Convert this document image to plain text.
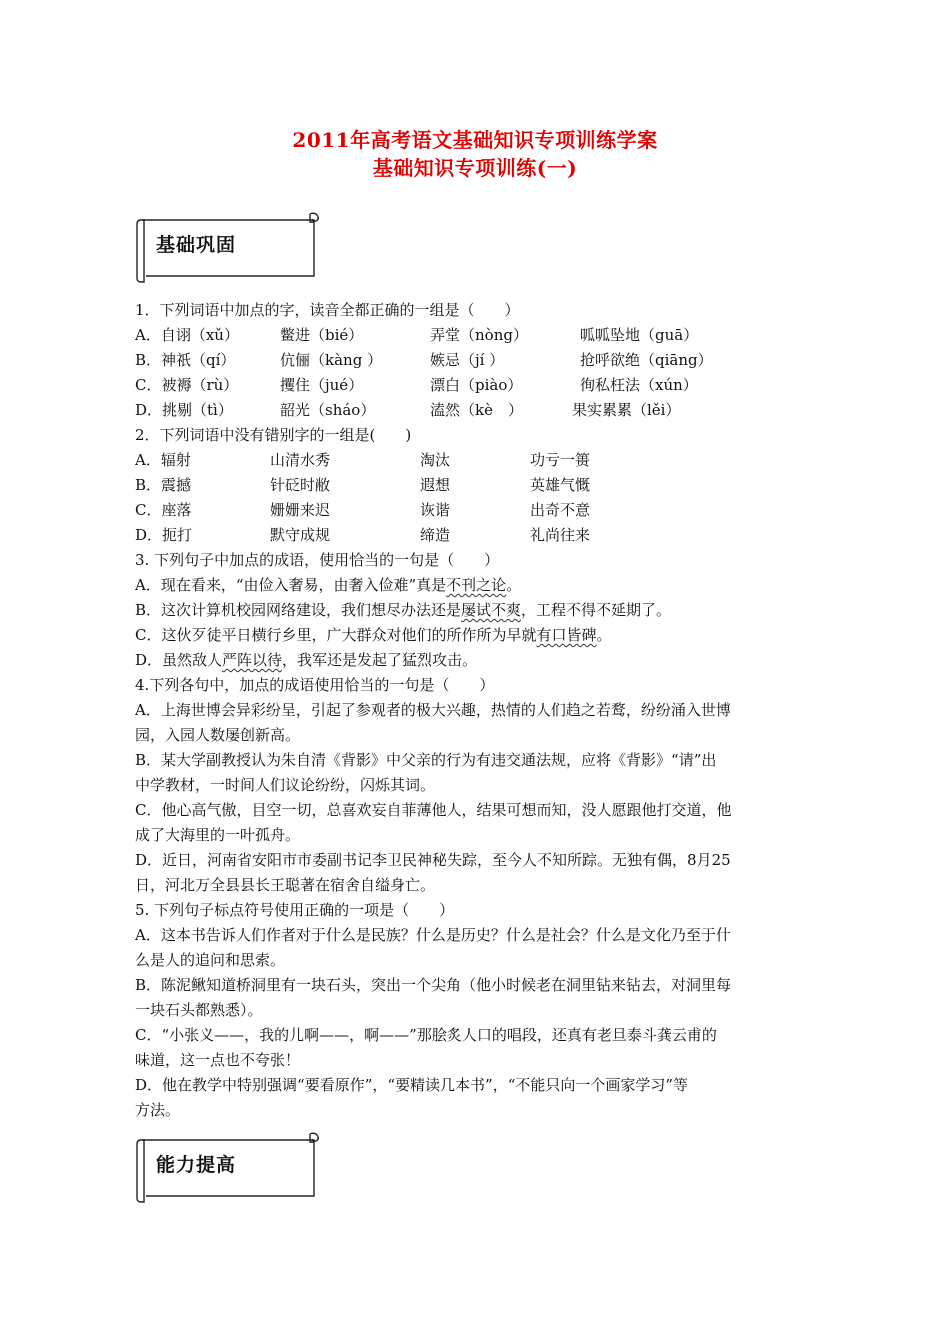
2011年高考语文基础知识专项训练学案
基础知识专项训练(一)
基础巩固
1．下列词语中加点的字，读音全都正确的一组是（　　）
A．自诩（xǔ）	鳖进（bié）	弄堂（nòng）	呱呱坠地（guā）
B．神祇（qí）	伉俪（kàng ）	嫉忌（jí ）	抢呼欲绝（qiāng）
C．被褥（rù）	攫住（jué）	漂白（piào）	徇私枉法（xún）
D．挑剔（tì）	韶光（sháo）	溘然（kè　）	果实累累（lěi）
2．下列词语中没有错别字的一组是(　　)
A．辐射	山清水秀	淘汰	功亏一篑
B．震撼	针砭时敝	遐想	英雄气慨
C．座落	姗姗来迟	诙谐	出奇不意
D．扼打	默守成规	缔造	礼尚往来
3. 下列句子中加点的成语，使用恰当的一句是（　　）
A．现在看来，“由俭入奢易，由奢入俭难”真是不刊之论。
B．这次计算机校园网络建设，我们想尽办法还是屡试不爽，工程不得不延期了。
C．这伙歹徒平日横行乡里，广大群众对他们的所作所为早就有口皆碑。
D．虽然敌人严阵以待，我军还是发起了猛烈攻击。
4.下列各句中，加点的成语使用恰当的一句是（　　）
A．上海世博会异彩纷呈，引起了参观者的极大兴趣，热情的人们趋之若鹜，纷纷涌入世博
园，入园人数屡创新高。
B．某大学副教授认为朱自清《背影》中父亲的行为有违交通法规，应将《背影》“请”出
中学教材，一时间人们议论纷纷，闪烁其词。
C．他心高气傲，目空一切，总喜欢妄自菲薄他人，结果可想而知，没人愿跟他打交道，他
成了大海里的一叶孤舟。
D．近日，河南省安阳市市委副书记李卫民神秘失踪，至今人不知所踪。无独有偶，8月25
日，河北万全县县长王聪著在宿舍自缢身亡。
5. 下列句子标点符号使用正确的一项是（　　）
A．这本书告诉人们作者对于什么是民族？什么是历史？什么是社会？什么是文化乃至于什
么是人的追问和思索。
B．陈泥鳅知道桥洞里有一块石头，突出一个尖角（他小时候老在洞里钻来钻去，对洞里每
一块石头都熟悉）。
C．“小张义——，我的儿啊——，啊——”那脍炙人口的唱段，还真有老旦泰斗龚云甫的
味道，这一点也不夸张！
D．他在教学中特别强调“要看原作”，“要精读几本书”，“不能只向一个画家学习”等
方法。
能力提高
